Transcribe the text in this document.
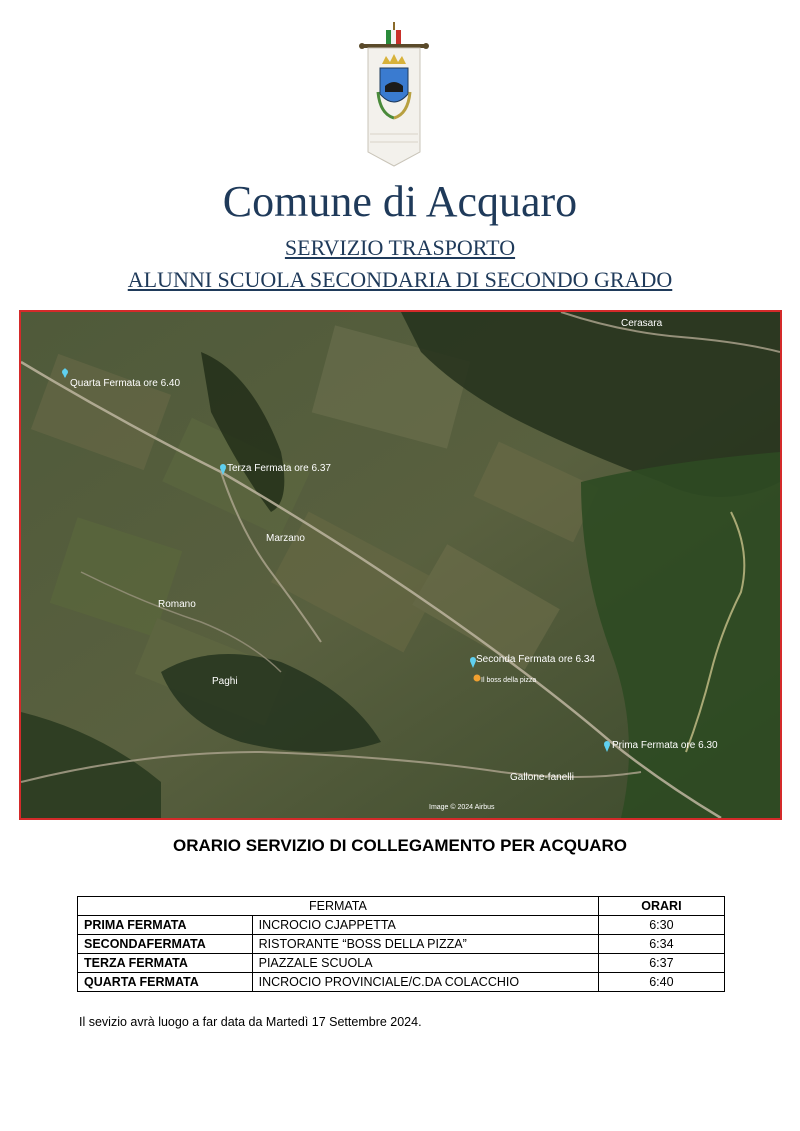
Comune di Acquaro
SERVIZIO TRASPORTO
ALUNNI SCUOLA SECONDARIA DI SECONDO GRADO
Cerasara
Marzano
Romano
Paghi
Gallone-fanelli
Il boss della pizza
Quarta Fermata ore 6.40
Terza Fermata ore 6.37
Seconda Fermata ore 6.34
Prima Fermata ore 6.30
Image © 2024 Airbus
ORARIO SERVIZIO DI COLLEGAMENTO PER ACQUARO
FERMATA		ORARI
PRIMA FERMATA	INCROCIO CJAPPETTA	6:30
SECONDAFERMATA	RISTORANTE “BOSS DELLA PIZZA”	6:34
TERZA FERMATA	PIAZZALE SCUOLA	6:37
QUARTA FERMATA	INCROCIO PROVINCIALE/C.DA COLACCHIO	6:40
Il sevizio avrà luogo a far data da Martedì 17 Settembre 2024.
